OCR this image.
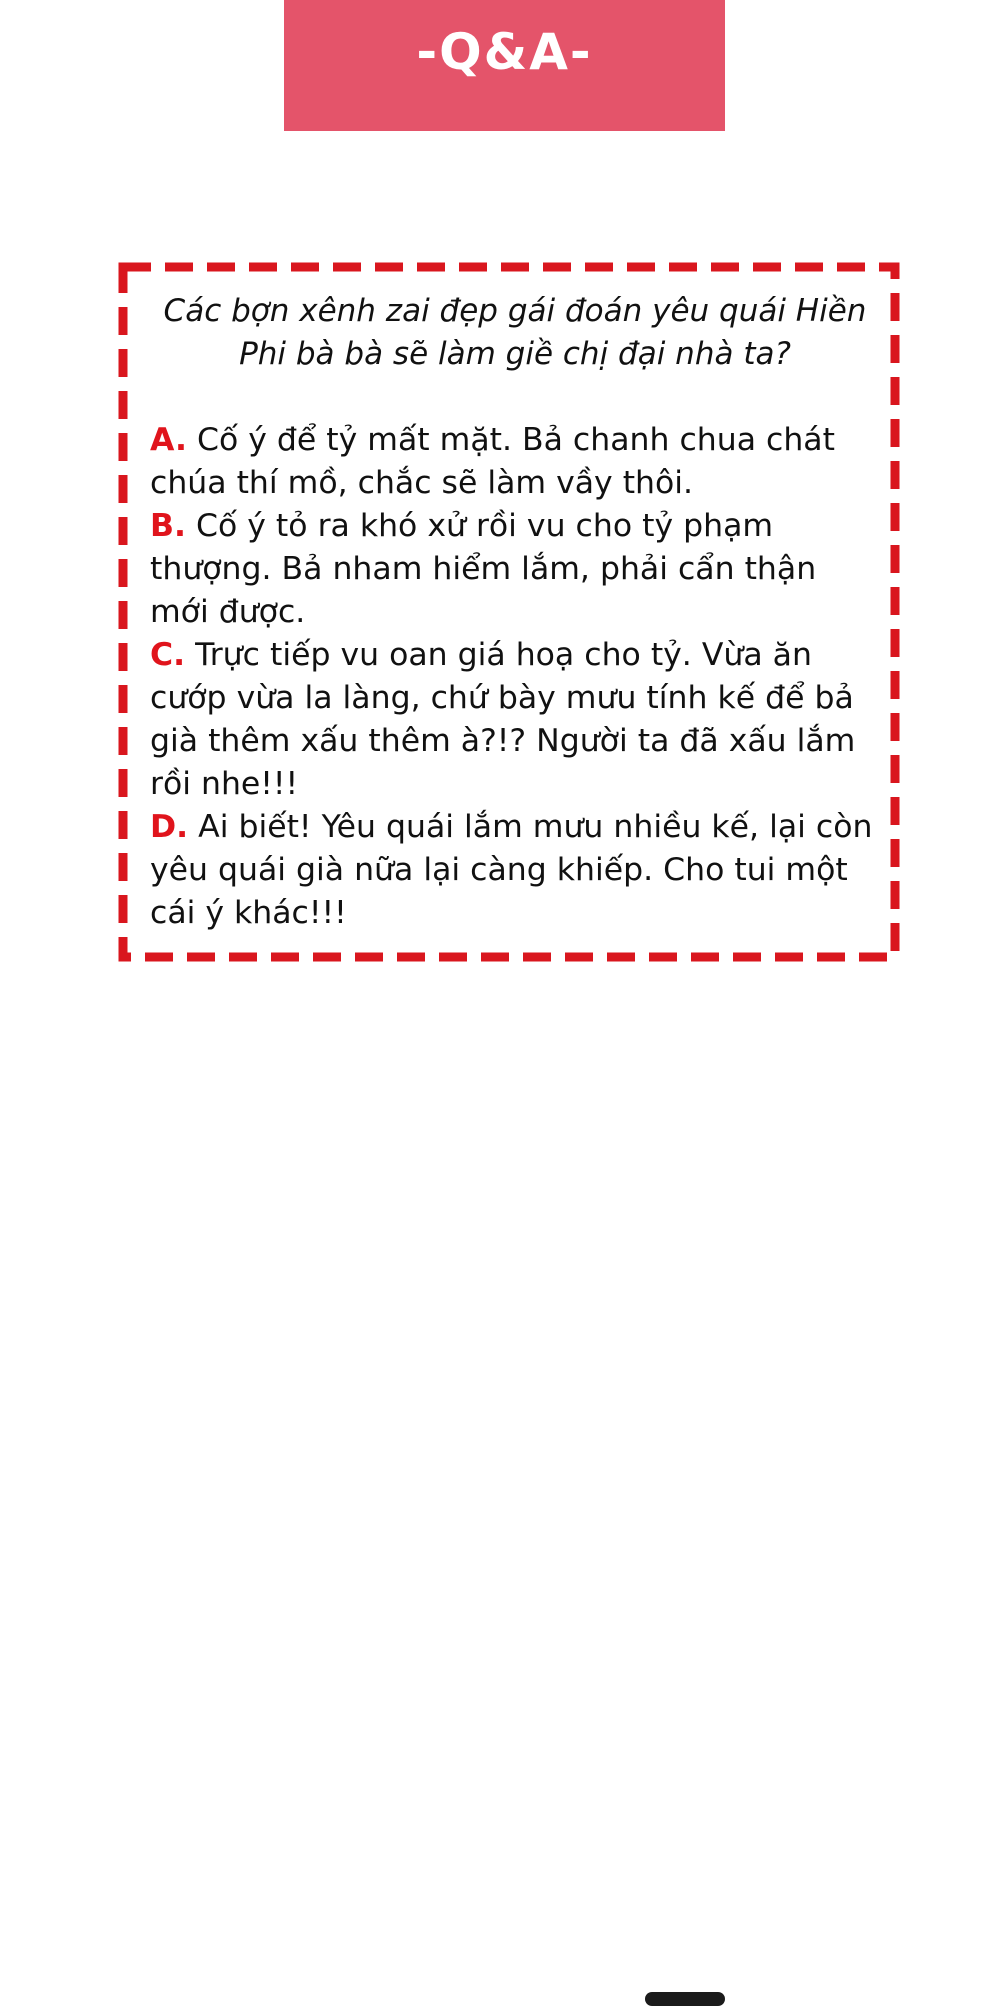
-Q&A-

Các bợn xênh zai đẹp gái đoán yêu quái Hiền Phi bà bà sẽ làm giề chị đại nhà ta?

A. Cố ý để tỷ mất mặt. Bả chanh chua chát chúa thí mồ, chắc sẽ làm vầy thôi.

B. Cố ý tỏ ra khó xử rồi vu cho tỷ phạm thượng. Bả nham hiểm lắm, phải cẩn thận mới được.

C. Trực tiếp vu oan giá hoạ cho tỷ. Vừa ăn cướp vừa la làng, chứ bày mưu tính kế để bả già thêm xấu thêm à?!? Người ta đã xấu lắm rồi nhe!!!

D. Ai biết! Yêu quái lắm mưu nhiều kế, lại còn yêu quái già nữa lại càng khiếp. Cho tui một cái ý khác!!!
